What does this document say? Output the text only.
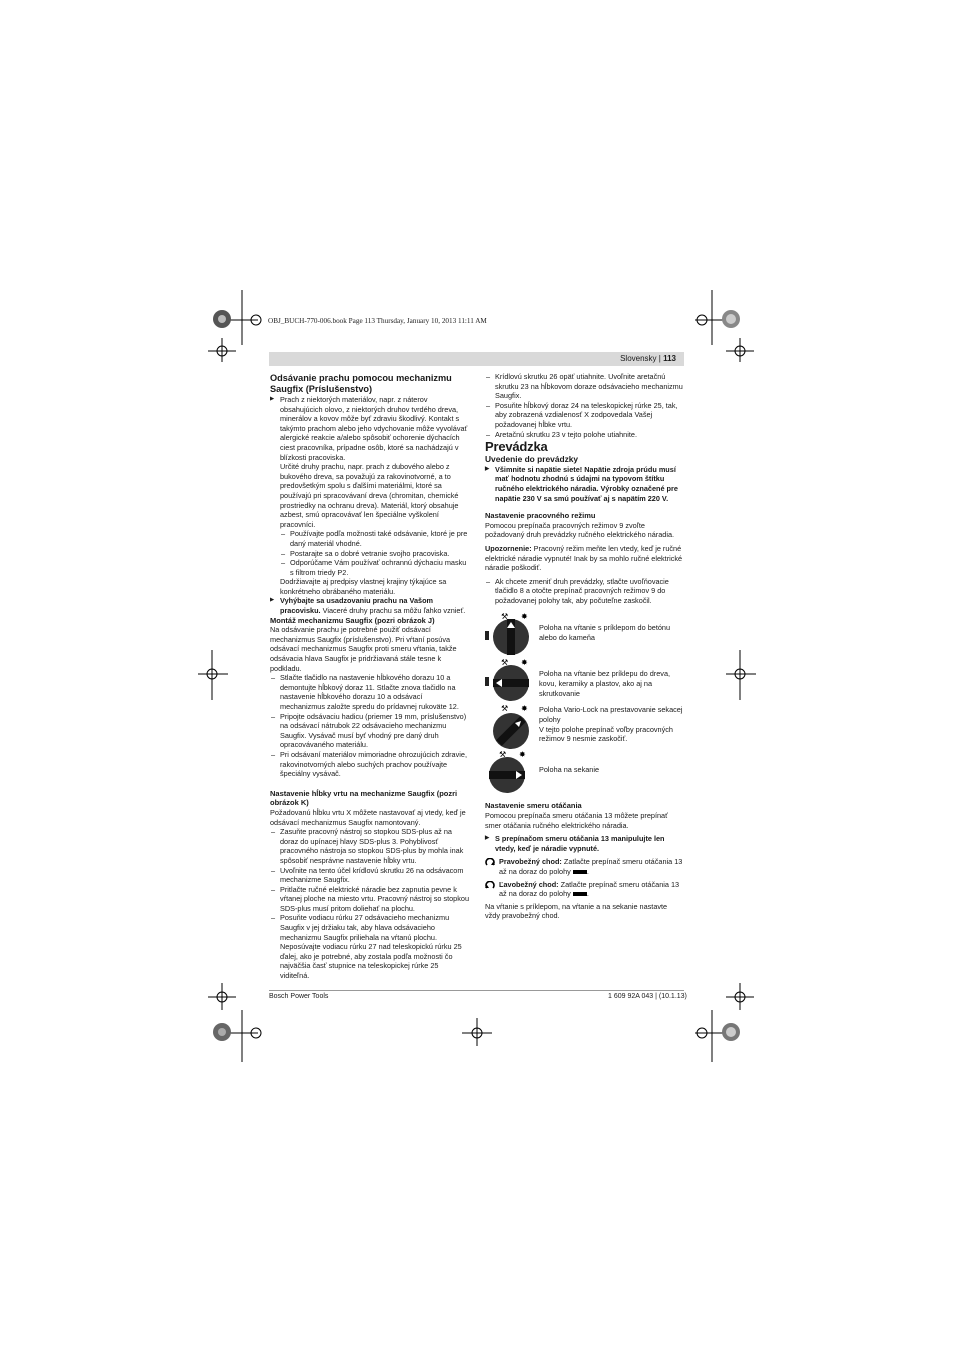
OBJ_BUCH-770-006.book Page 113 Thursday, January 10, 2013 11:11 AM
Slovensky | 113

Odsávanie prachu pomocou mechanizmu Saugfix (Príslušenstvo)

▶ Prach z niektorých materiálov, napr. z náterov obsahujúcich olovo, z niektorých druhov tvrdého dreva, minerálov a kovov môže byť zdraviu škodlivý. Kontakt s takýmto prachom alebo jeho vdychovanie môže vyvolávať alergické reakcie a/alebo spôsobiť ochorenie dýchacích ciest pracovníka, prípadne osôb, ktoré sa nachádzajú v blízkosti pracoviska.

Určité druhy prachu, napr. prach z dubového alebo z bukového dreva, sa považujú za rakovinotvorné, a to predovšetkým spolu s ďalšími materiálmi, ktoré sa používajú pri spracovávaní dreva (chromitan, chemické prostriedky na ochranu dreva). Materiál, ktorý obsahuje azbest, smú opracovávať len špeciálne vyškolení pracovníci.

– Používajte podľa možnosti také odsávanie, ktoré je pre daný materiál vhodné.

– Postarajte sa o dobré vetranie svojho pracoviska.

– Odporúčame Vám používať ochrannú dýchaciu masku s filtrom triedy P2.

Dodržiavajte aj predpisy vlastnej krajiny týkajúce sa konkrétneho obrábaného materiálu.

▶ Vyhýbajte sa usadzovaniu prachu na Vašom pracovisku. Viaceré druhy prachu sa môžu ľahko vznieť.

Montáž mechanizmu Saugfix (pozri obrázok J)

Na odsávanie prachu je potrebné použiť odsávací mechanizmus Saugfix (príslušenstvo). Pri vŕtaní posúva odsávací mechanizmus Saugfix proti smeru vŕtania, takže odsávacia hlava Saugfix je pridržiavaná stále tesne k podkladu.

– Stlačte tlačidlo na nastavenie hĺbkového dorazu 10 a demontujte hĺbkový doraz 11. Stlačte znova tlačidlo na nastavenie hĺbkového dorazu 10 a odsávací mechanizmus založte spredu do prídavnej rukoväte 12.

– Pripojte odsávaciu hadicu (priemer 19 mm, príslušenstvo) na odsávací nátrubok 22 odsávacieho mechanizmu Saugfix. Vysávač musí byť vhodný pre daný druh opracovávaného materiálu.

– Pri odsávaní materiálov mimoriadne ohrozujúcich zdravie, rakovinotvorných alebo suchých prachov používajte špeciálny vysávač.

Nastavenie hĺbky vrtu na mechanizme Saugfix (pozri obrázok K)

Požadovanú hĺbku vrtu X môžete nastavovať aj vtedy, keď je odsávací mechanizmus Saugfix namontovaný.

– Zasuňte pracovný nástroj so stopkou SDS-plus až na doraz do upínacej hlavy SDS-plus 3. Pohyblivosť pracovného nástroja so stopkou SDS-plus by mohla inak spôsobiť nesprávne nastavenie hĺbky vrtu.

– Uvoľnite na tento účel krídlovú skrutku 26 na odsávacom mechanizme Saugfix.

– Pritlačte ručné elektrické náradie bez zapnutia pevne k vŕtanej ploche na miesto vrtu. Pracovný nástroj so stopkou SDS-plus musí pritom doliehať na plochu.

– Posuňte vodiacu rúrku 27 odsávacieho mechanizmu Saugfix v jej držiaku tak, aby hlava odsávacieho mechanizmu Saugfix priliehala na vŕtanú plochu. Neposúvajte vodiacu rúrku 27 nad teleskopickú rúrku 25 ďalej, ako je potrebné, aby zostala podľa možnosti čo najväčšia časť stupnice na teleskopickej rúrke 25 viditeľná.

– Krídlovú skrutku 26 opäť utiahnite. Uvoľnite aretačnú skrutku 23 na hĺbkovom doraze odsávacieho mechanizmu Saugfix.

– Posuňte hĺbkový doraz 24 na teleskopickej rúrke 25, tak, aby zobrazená vzdialenosť X zodpovedala Vašej požadovanej hĺbke vrtu.

– Aretačnú skrutku 23 v tejto polohe utiahnite.

Prevádzka

Uvedenie do prevádzky

▶ Všimnite si napätie siete! Napätie zdroja prúdu musí mať hodnotu zhodnú s údajmi na typovom štítku ručného elektrického náradia. Výrobky označené pre napätie 230 V sa smú používať aj s napätím 220 V.

Nastavenie pracovného režimu

Pomocou prepínača pracovných režimov 9 zvoľte požadovaný druh prevádzky ručného elektrického náradia.

Upozornenie: Pracovný režim meňte len vtedy, keď je ručné elektrické náradie vypnuté! Inak by sa mohlo ručné elektrické náradie poškodiť.

– Ak chcete zmeniť druh prevádzky, stlačte uvoľňovacie tlačidlo 8 a otočte prepínač pracovných režimov 9 do požadovanej polohy tak, aby počuteľne zaskočil.

⚒ ✸
Poloha na vŕtanie s príklepom do betónu alebo do kameňa
⚒ ✸
Poloha na vŕtanie bez príklepu do dreva, kovu, keramiky a plastov, ako aj na skrutkovanie
⚒ ✸ Poloha Vario-Lock na prestavovanie sekacej polohy
V tejto polohe prepínač voľby pracovných režimov 9 nesmie zaskočiť.
⚒ ✸
Poloha na sekanie

Nastavenie smeru otáčania

Pomocou prepínača smeru otáčania 13 môžete prepínať smer otáčania ručného elektrického náradia.

▶ S prepínačom smeru otáčania 13 manipulujte len vtedy, keď je náradie vypnuté.

Pravobežný chod: Zatlačte prepínač smeru otáčania 13 až na doraz do polohy .

Ľavobežný chod: Zatlačte prepínač smeru otáčania 13 až na doraz do polohy .

Na vŕtanie s príklepom, na vŕtanie a na sekanie nastavte vždy pravobežný chod.

Bosch Power Tools	1 609 92A 043 | (10.1.13)
